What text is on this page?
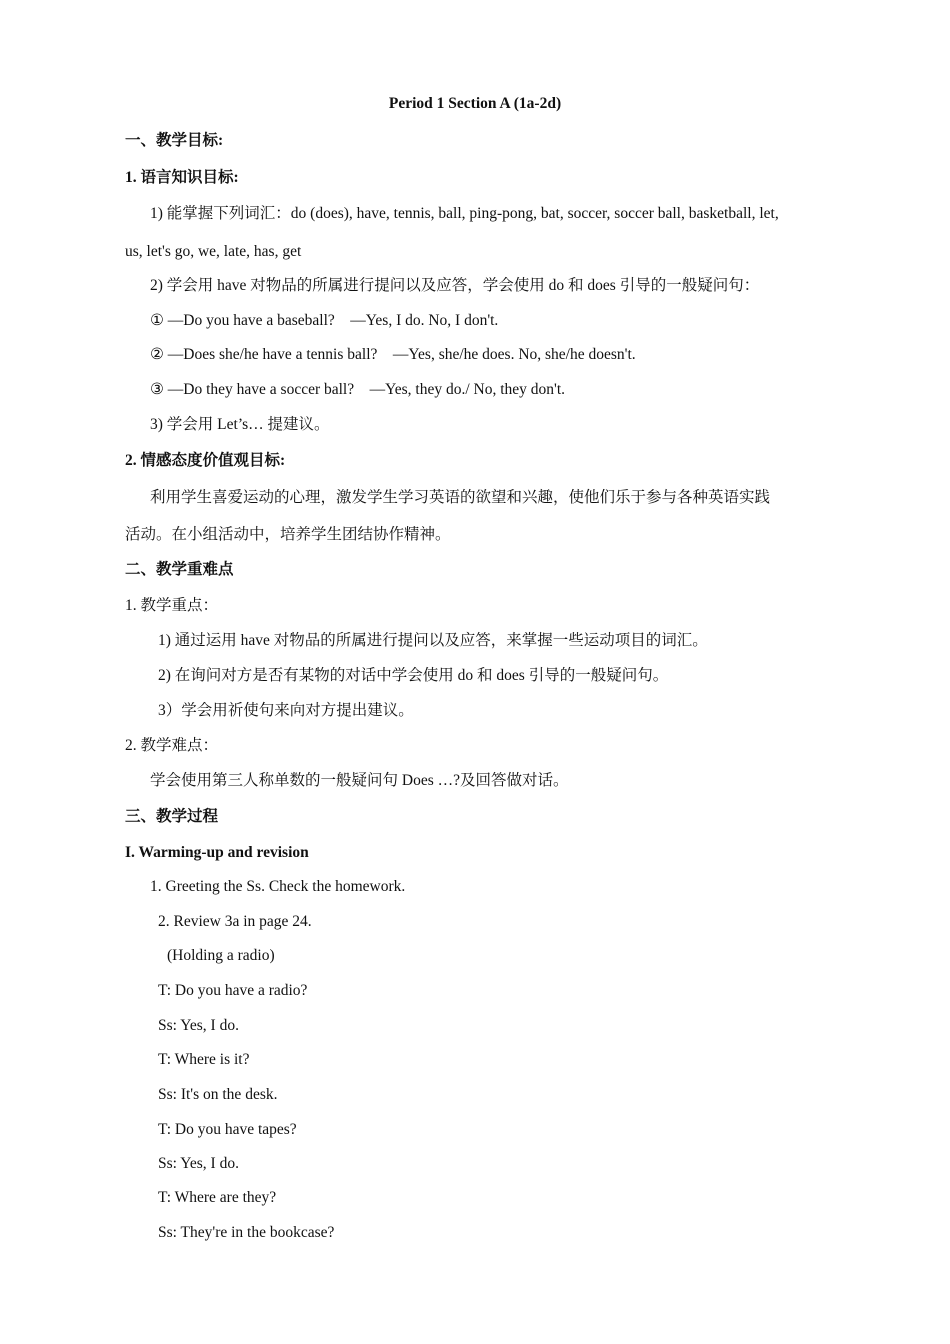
Period 1 Section A (1a-2d)
一、教学目标:
1. 语言知识目标:
1) 能掌握下列词汇：do (does), have, tennis, ball, ping-pong, bat, soccer, soccer ball, basketball, let,
us, let's go, we, late, has, get
2) 学会用 have 对物品的所属进行提问以及应答，学会使用 do 和 does 引导的一般疑问句：
① —Do you have a baseball?　—Yes, I do. No, I don't.
② —Does she/he have a tennis ball?　—Yes, she/he does. No, she/he doesn't.
③ —Do they have a soccer ball?　—Yes, they do./ No, they don't.
3) 学会用 Let’s… 提建议。
2. 情感态度价值观目标:
利用学生喜爱运动的心理，激发学生学习英语的欲望和兴趣，使他们乐于参与各种英语实践
活动。在小组活动中，培养学生团结协作精神。
二、教学重难点
1. 教学重点：
1) 通过运用 have 对物品的所属进行提问以及应答，来掌握一些运动项目的词汇。
2) 在询问对方是否有某物的对话中学会使用 do 和 does 引导的一般疑问句。
3）学会用祈使句来向对方提出建议。
2. 教学难点：
学会使用第三人称单数的一般疑问句 Does …?及回答做对话。
三、教学过程
I. Warming-up and revision
1. Greeting the Ss. Check the homework.
2. Review 3a in page 24.
(Holding a radio)
T: Do you have a radio?
Ss: Yes, I do.
T: Where is it?
Ss: It's on the desk.
T: Do you have tapes?
Ss: Yes, I do.
T: Where are they?
Ss: They're in the bookcase?
